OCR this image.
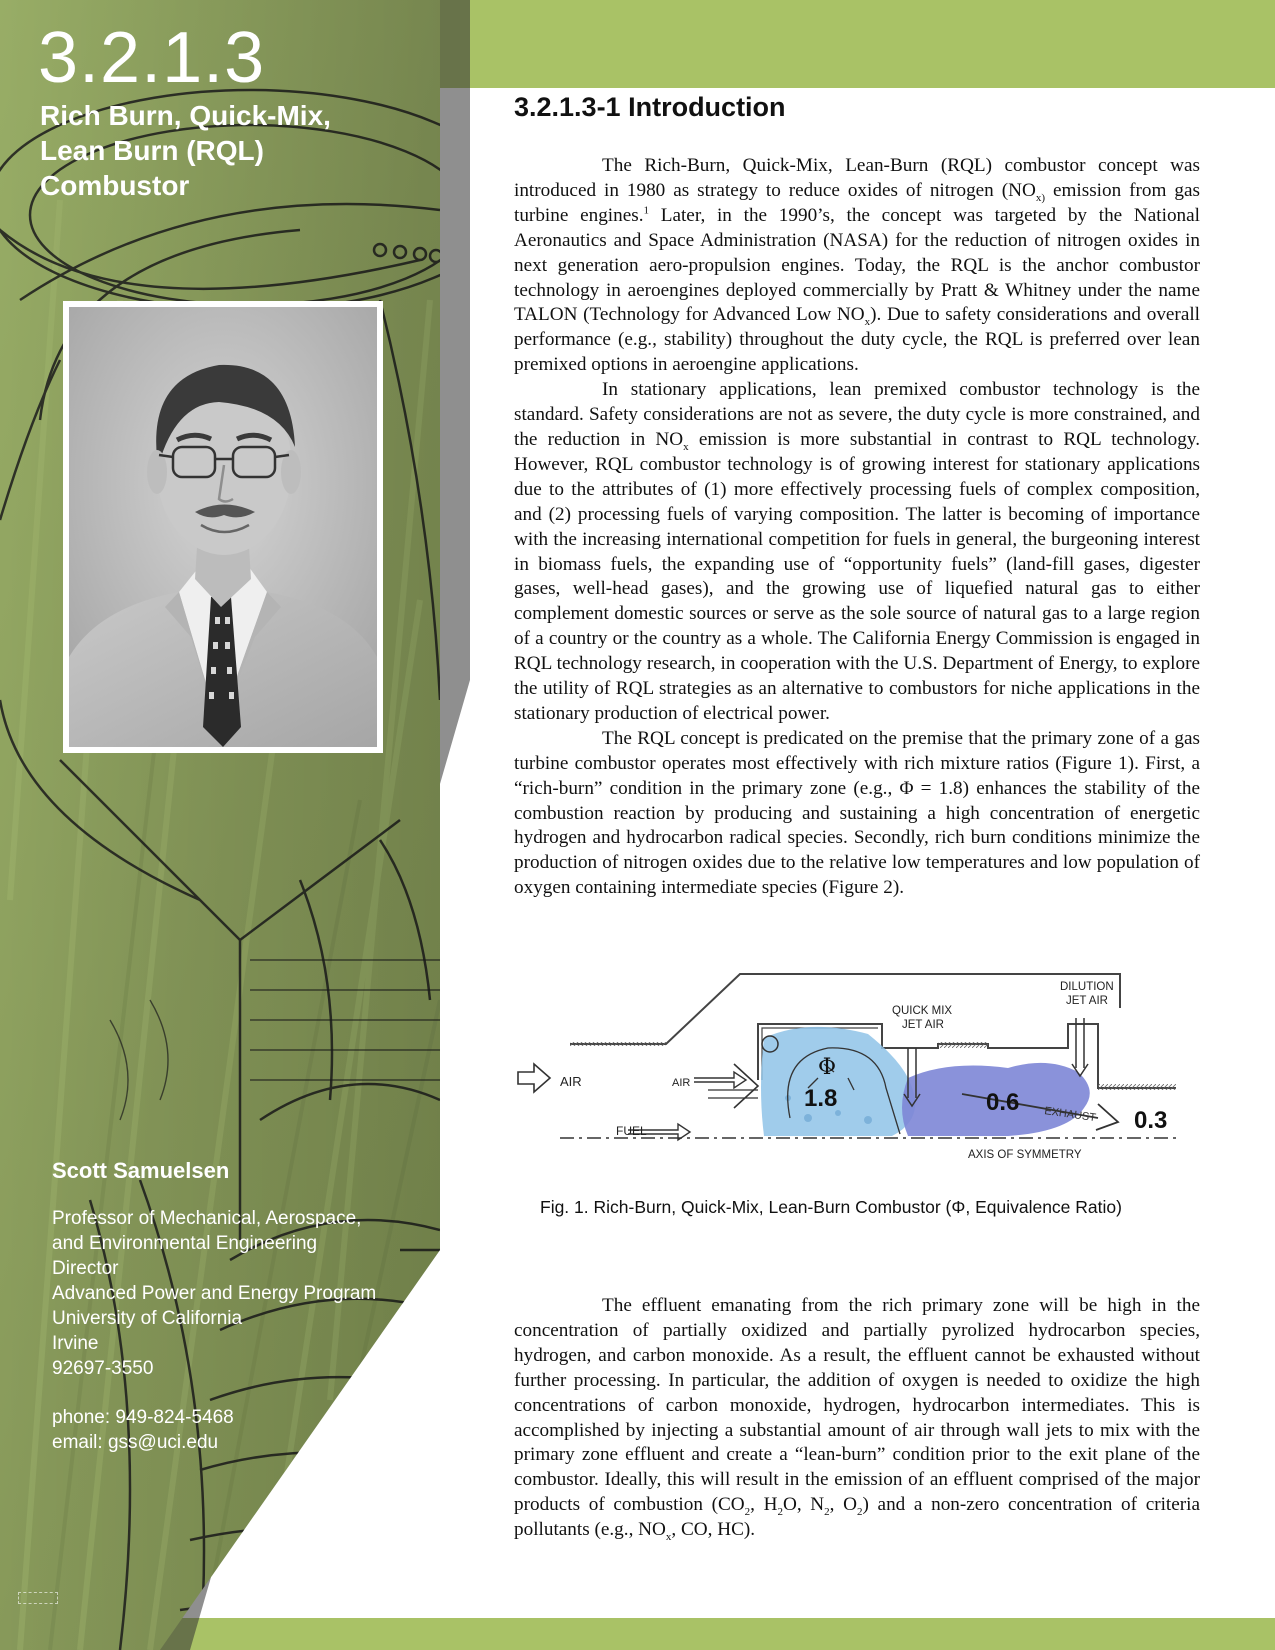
3.2.1.3
Rich Burn, Quick-Mix, Lean Burn (RQL) Combustor
Scott Samuelsen
Professor of Mechanical, Aerospace,
and Environmental Engineering
Director
Advanced Power and Energy Program
University of California
Irvine
92697-3550
phone: 949-824-5468
email: gss@uci.edu
3.2.1.3-1 Introduction

The Rich-Burn, Quick-Mix, Lean-Burn (RQL) combustor concept was introduced in 1980 as strategy to reduce oxides of nitrogen ($NO_{x)}$ emission from gas turbine engines.$^1$ Later, in the 1990’s, the concept was targeted by the National Aeronautics and Space Administration (NASA) for the reduction of nitrogen oxides in next generation aero-propulsion engines. Today, the RQL is the anchor combustor technology in aeroengines deployed commercially by Pratt & Whitney under the name TALON (Technology for Advanced Low $NO_x$). Due to safety considerations and overall performance (e.g., stability) throughout the duty cycle, the RQL is preferred over lean premixed options in aeroengine applications.

In stationary applications, lean premixed combustor technology is the standard. Safety considerations are not as severe, the duty cycle is more constrained, and the reduction in $NO_x$ emission is more substantial in contrast to RQL technology. However, RQL combustor technology is of growing interest for stationary applications due to the attributes of (1) more effectively processing fuels of complex composition, and (2) processing fuels of varying composition. The latter is becoming of importance with the increasing international competition for fuels in general, the burgeoning interest in biomass fuels, the expanding use of “opportunity fuels” (land-fill gases, digester gases, well-head gases), and the growing use of liquefied natural gas to either complement domestic sources or serve as the sole source of natural gas to a large region of a country or the country as a whole. The California Energy Commission is engaged in RQL technology research, in cooperation with the U.S. Department of Energy, to explore the utility of RQL strategies as an alternative to combustors for niche applications in the stationary production of electrical power.

The RQL concept is predicated on the premise that the primary zone of a gas turbine combustor operates most effectively with rich mixture ratios (Figure 1). First, a “rich-burn” condition in the primary zone (e.g., Φ = 1.8) enhances the stability of the combustion reaction by producing and sustaining a high concentration of energetic hydrogen and hydrocarbon radical species. Secondly, rich burn conditions minimize the production of nitrogen oxides due to the relative low temperatures and low population of oxygen containing intermediate species (Figure 2).

The effluent emanating from the rich primary zone will be high in the concentration of partially oxidized and partially pyrolized hydrocarbon species, hydrogen, and carbon monoxide. As a result, the effluent cannot be exhausted without further processing. In particular, the addition of oxygen is needed to oxidize the high concentrations of carbon monoxide, hydrogen, hydrocarbon intermediates. This is accomplished by injecting a substantial amount of air through wall jets to mix with the primary zone effluent and create a “lean-burn” condition prior to the exit plane of the combustor. Ideally, this will result in the emission of an effluent comprised of the major products of combustion ($CO_2$, $H_2O$, $N_2$, $O_2$) and a non-zero concentration of criteria pollutants (e.g., $NO_x$, CO, HC).

AIR	AIR
FUEL
QUICK MIX
JET AIR
DILUTION
JET AIR
Φ
1.8	0.6 EXHAUST 0.3
AXIS OF SYMMETRY
Fig. 1. Rich-Burn, Quick-Mix, Lean-Burn Combustor (Φ, Equivalence Ratio)
